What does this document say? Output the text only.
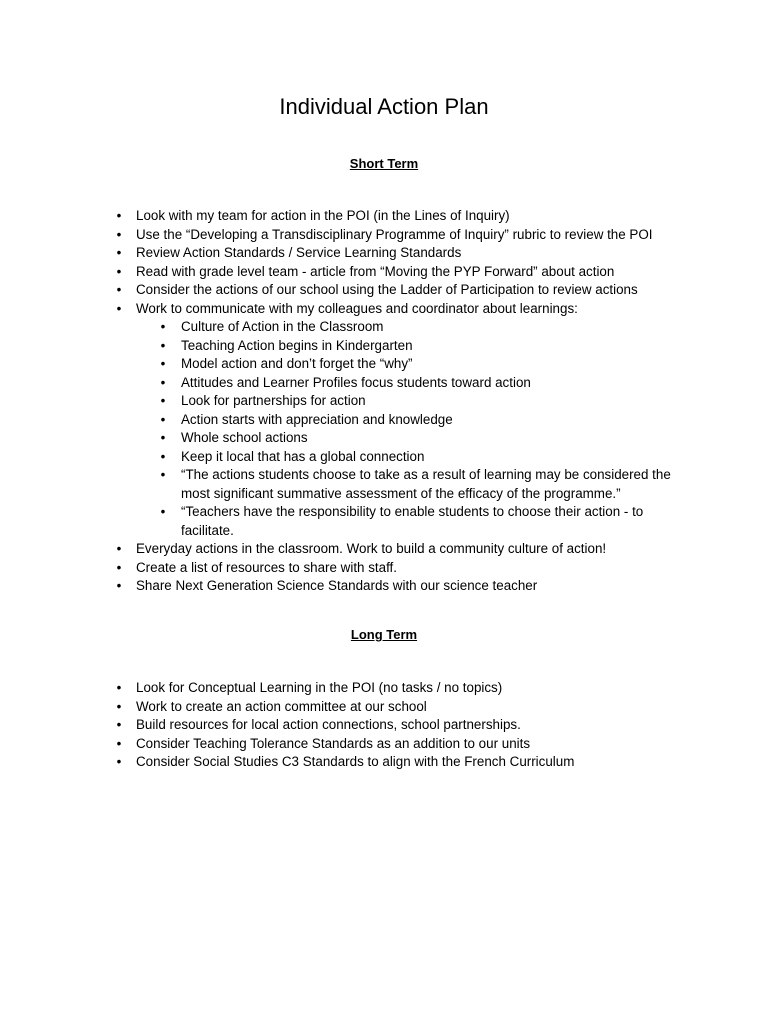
Individual Action Plan
Short Term
• Look with my team for action in the POI (in the Lines of Inquiry)
• Use the “Developing a Transdisciplinary Programme of Inquiry” rubric to review the POI
• Review Action Standards / Service Learning Standards
• Read with grade level team - article from “Moving the PYP Forward” about action
• Consider the actions of our school using the Ladder of Participation to review actions
• Work to communicate with my colleagues and coordinator about learnings:
• Culture of Action in the Classroom
• Teaching Action begins in Kindergarten
• Model action and don’t forget the “why”
• Attitudes and Learner Profiles focus students toward action
• Look for partnerships for action
• Action starts with appreciation and knowledge
• Whole school actions
• Keep it local that has a global connection
• “The actions students choose to take as a result of learning may be considered the most significant summative assessment of the efficacy of the programme.”
• “Teachers have the responsibility to enable students to choose their action - to facilitate.
• Everyday actions in the classroom. Work to build a community culture of action!
• Create a list of resources to share with staff.
• Share Next Generation Science Standards with our science teacher
Long Term
• Look for Conceptual Learning in the POI (no tasks / no topics)
• Work to create an action committee at our school
• Build resources for local action connections, school partnerships.
• Consider Teaching Tolerance Standards as an addition to our units
• Consider Social Studies C3 Standards to align with the French Curriculum
